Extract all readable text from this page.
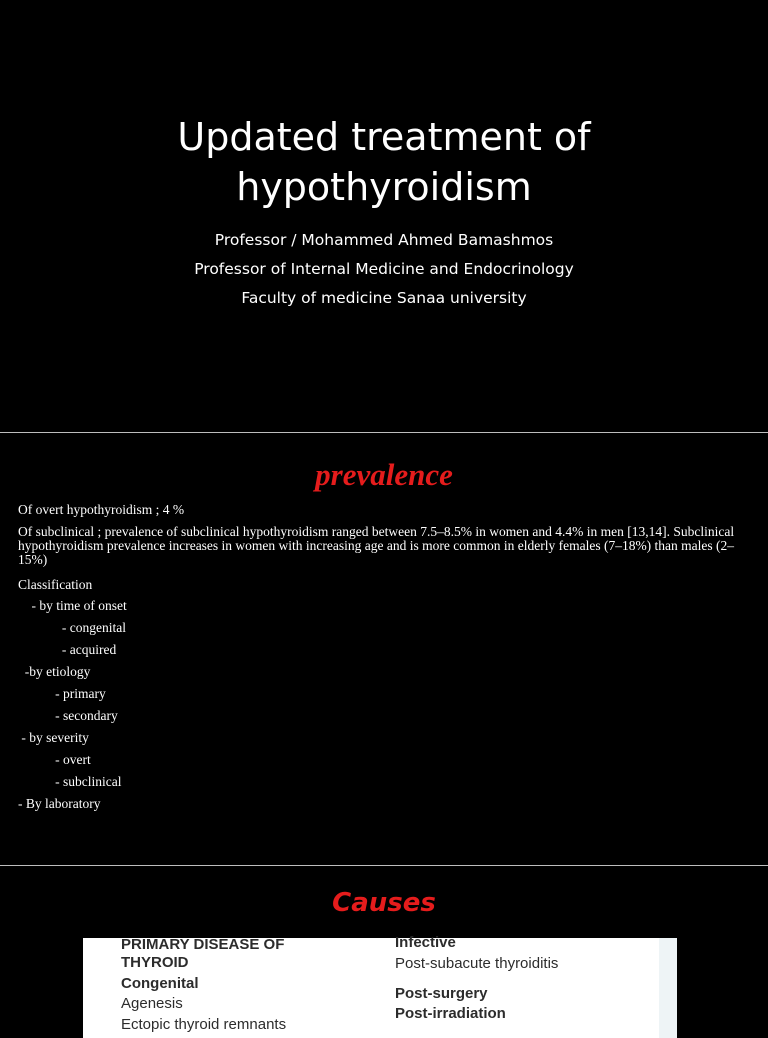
Updated treatment of
hypothyroidism
Professor / Mohammed Ahmed Bamashmos
Professor of Internal Medicine and Endocrinology
Faculty of medicine Sanaa university
prevalence
Of overt hypothyroidism ; 4 %
Of subclinical ; prevalence of subclinical hypothyroidism ranged between 7.5–8.5% in women and 4.4% in men [13,14]. Subclinical hypothyroidism prevalence increases in women with increasing age and is more common in elderly females (7–18%) than males (2–15%)
Classification
- by time of onset
- congenital
- acquired
-by etiology
- primary
- secondary
- by severity
- overt
- subclinical
- By laboratory
Causes
PRIMARY DISEASE OF
THYROID
Congenital
Agenesis
Ectopic thyroid remnants
Infective
Post-subacute thyroiditis
Post-surgery
Post-irradiation
